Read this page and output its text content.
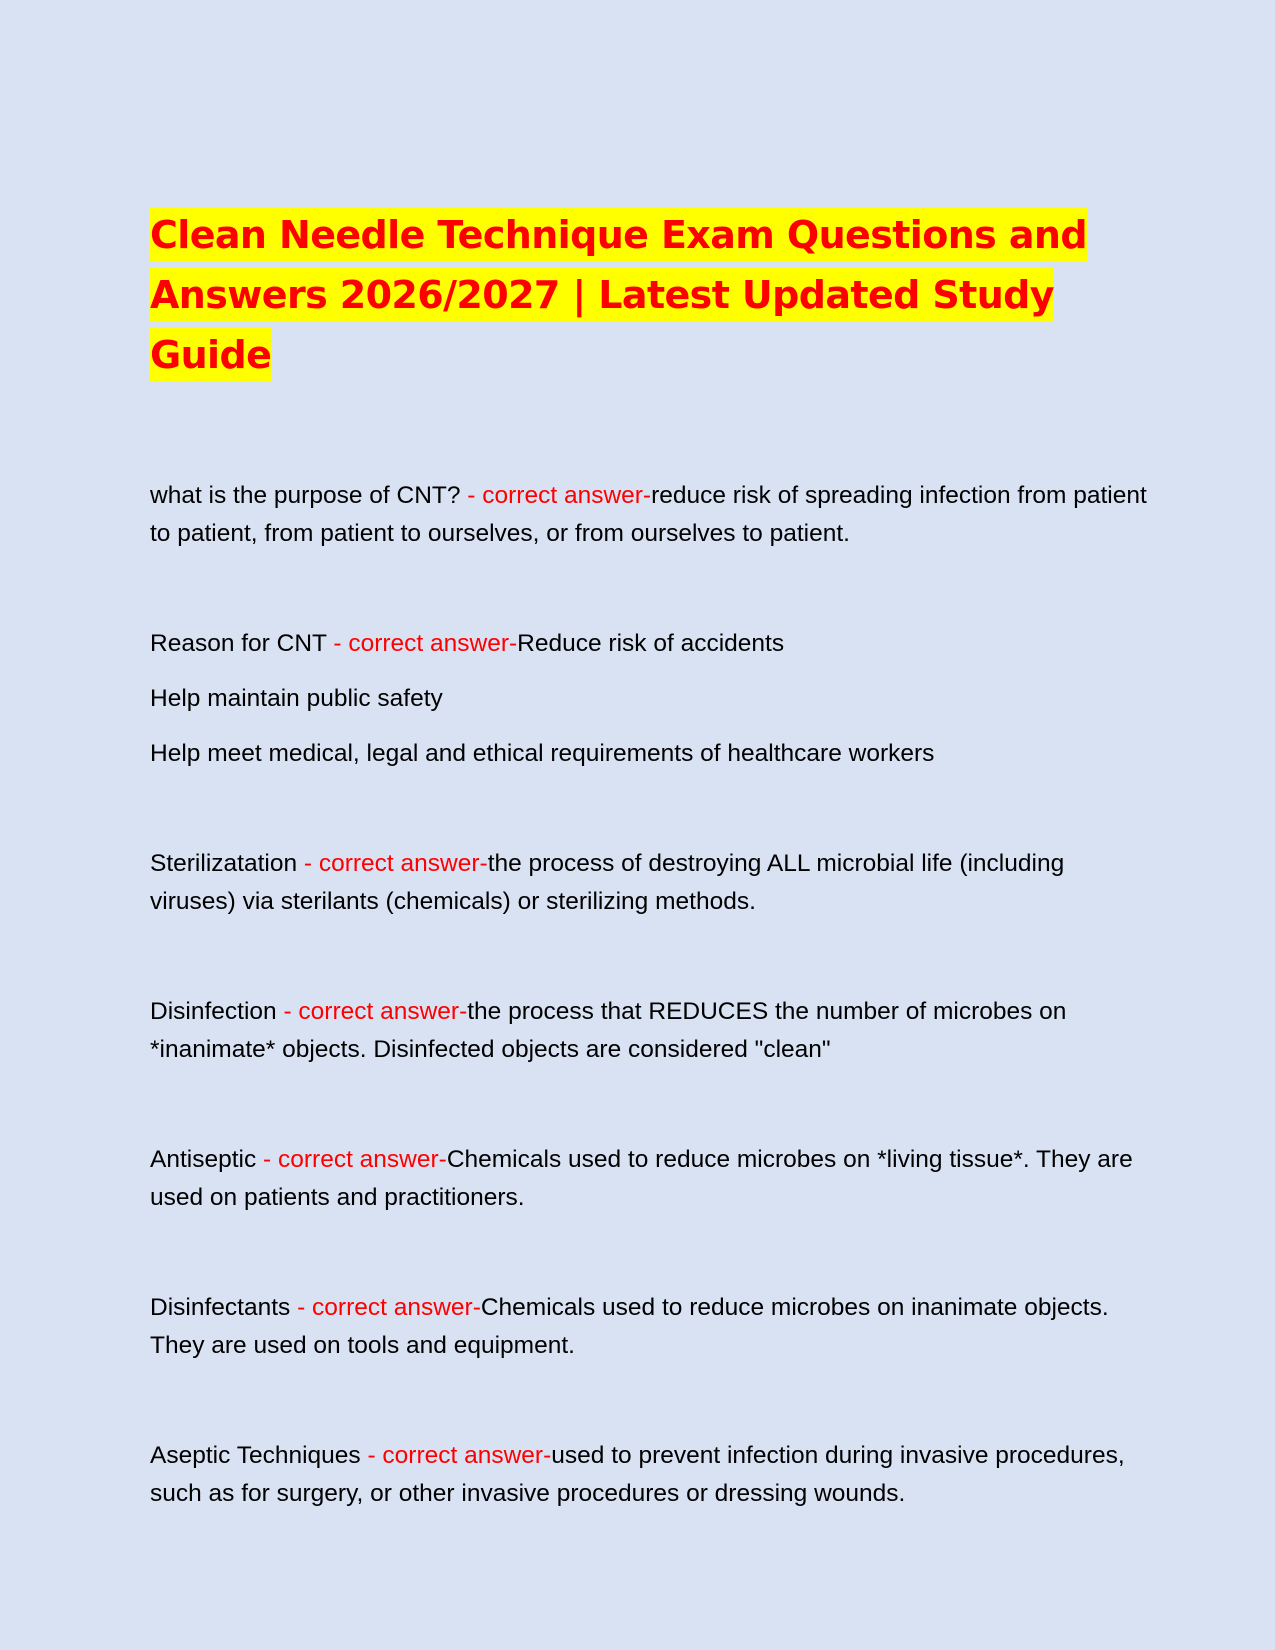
Clean Needle Technique Exam Questions and
Answers 2026/2027 | Latest Updated Study Guide

what is the purpose of CNT? - correct answer-reduce risk of spreading infection from patient to patient, from patient to ourselves, or from ourselves to patient.

Reason for CNT - correct answer-Reduce risk of accidents

Help maintain public safety

Help meet medical, legal and ethical requirements of healthcare workers

Sterilizatation - correct answer-the process of destroying ALL microbial life (including viruses) via sterilants (chemicals) or sterilizing methods.

Disinfection - correct answer-the process that REDUCES the number of microbes on *inanimate* objects. Disinfected objects are considered "clean"

Antiseptic - correct answer-Chemicals used to reduce microbes on *living tissue*. They are used on patients and practitioners.

Disinfectants - correct answer-Chemicals used to reduce microbes on inanimate objects. They are used on tools and equipment.

Aseptic Techniques - correct answer-used to prevent infection during invasive procedures, such as for surgery, or other invasive procedures or dressing wounds.
